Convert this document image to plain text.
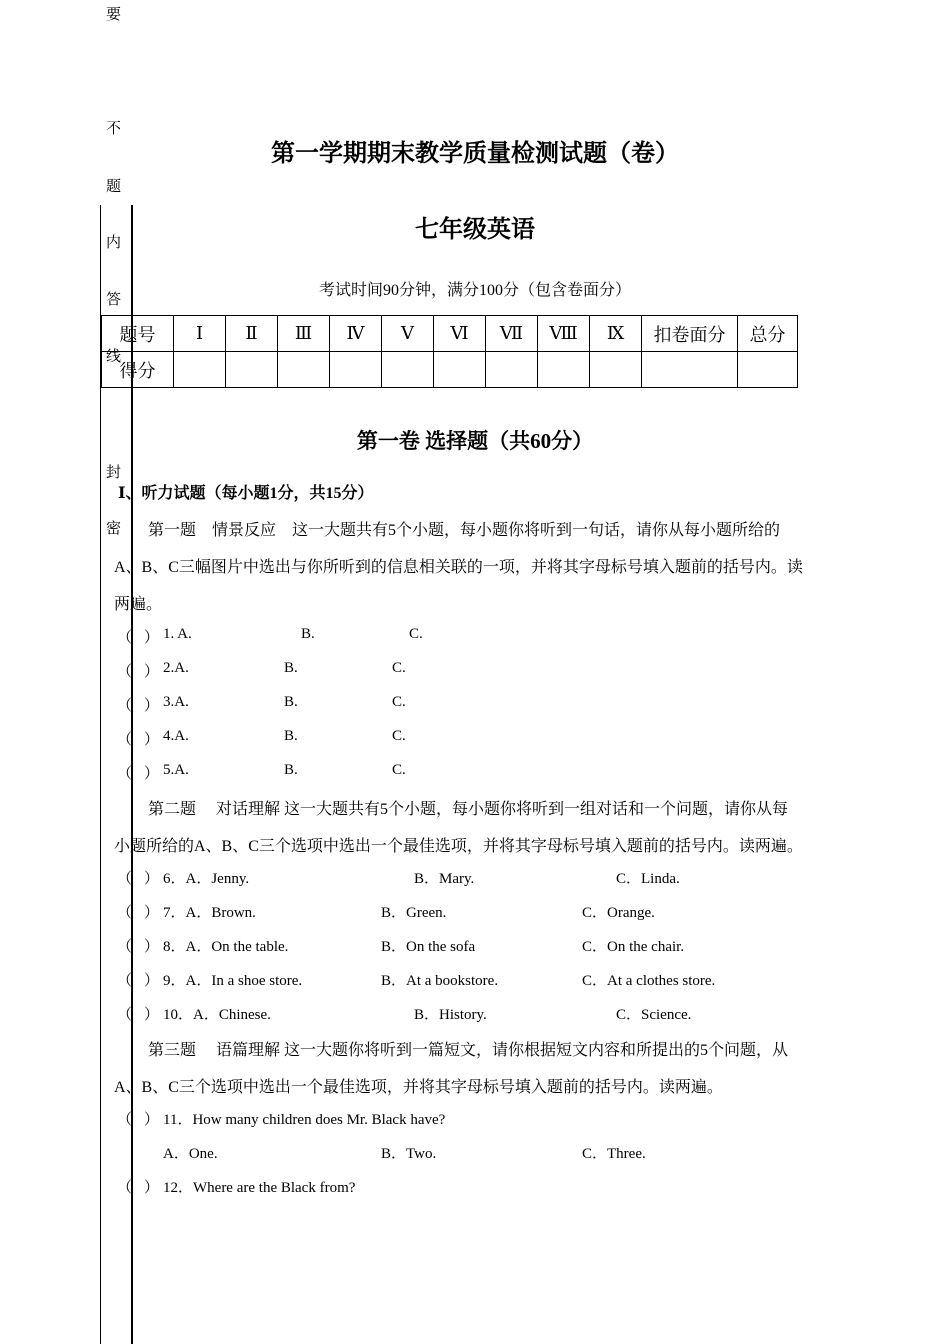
要
不
题
内
答
线
封
密
第一学期期末教学质量检测试题（卷）
七年级英语
考试时间90分钟，满分100分（包含卷面分）
题号	Ⅰ	Ⅱ	Ⅲ	Ⅳ	Ⅴ	Ⅵ	Ⅶ	Ⅷ	Ⅸ	扣卷面分	总分
得分											
第一卷 选择题（共60分）
Ⅰ、听力试题（每小题1分，共15分）
第一题　情景反应　这一大题共有5个小题，每小题你将听到一句话，请你从每小题所给的
A、B、C三幅图片中选出与你所听到的信息相关联的一项，并将其字母标号填入题前的括号内。读
两遍。
（ ） 1. A.	B.	C.
（ ） 2.A.	B.	C.
（ ） 3.A.	B.	C.
（ ） 4.A.	B.	C.
（ ） 5.A.	B.	C.
第二题　 对话理解 这一大题共有5个小题，每小题你将听到一组对话和一个问题，请你从每
小题所给的A、B、C三个选项中选出一个最佳选项，并将其字母标号填入题前的括号内。读两遍。
（ ） 6．A．Jenny.	B．Mary.	C．Linda.
（ ） 7．A．Brown.	B．Green.	C．Orange.
（ ） 8．A．On the table.	B．On the sofa	C．On the chair.
（ ） 9．A．In a shoe store.	B．At a bookstore.	C．At a clothes store.
（ ） 10．A．Chinese.	B．History.	C．Science.
第三题　 语篇理解 这一大题你将听到一篇短文，请你根据短文内容和所提出的5个问题，从
A、B、C三个选项中选出一个最佳选项，并将其字母标号填入题前的括号内。读两遍。
（ ） 11．How many children does Mr. Black have?
A．One.	B．Two.	C．Three.
（ ） 12．Where are the Black from?
